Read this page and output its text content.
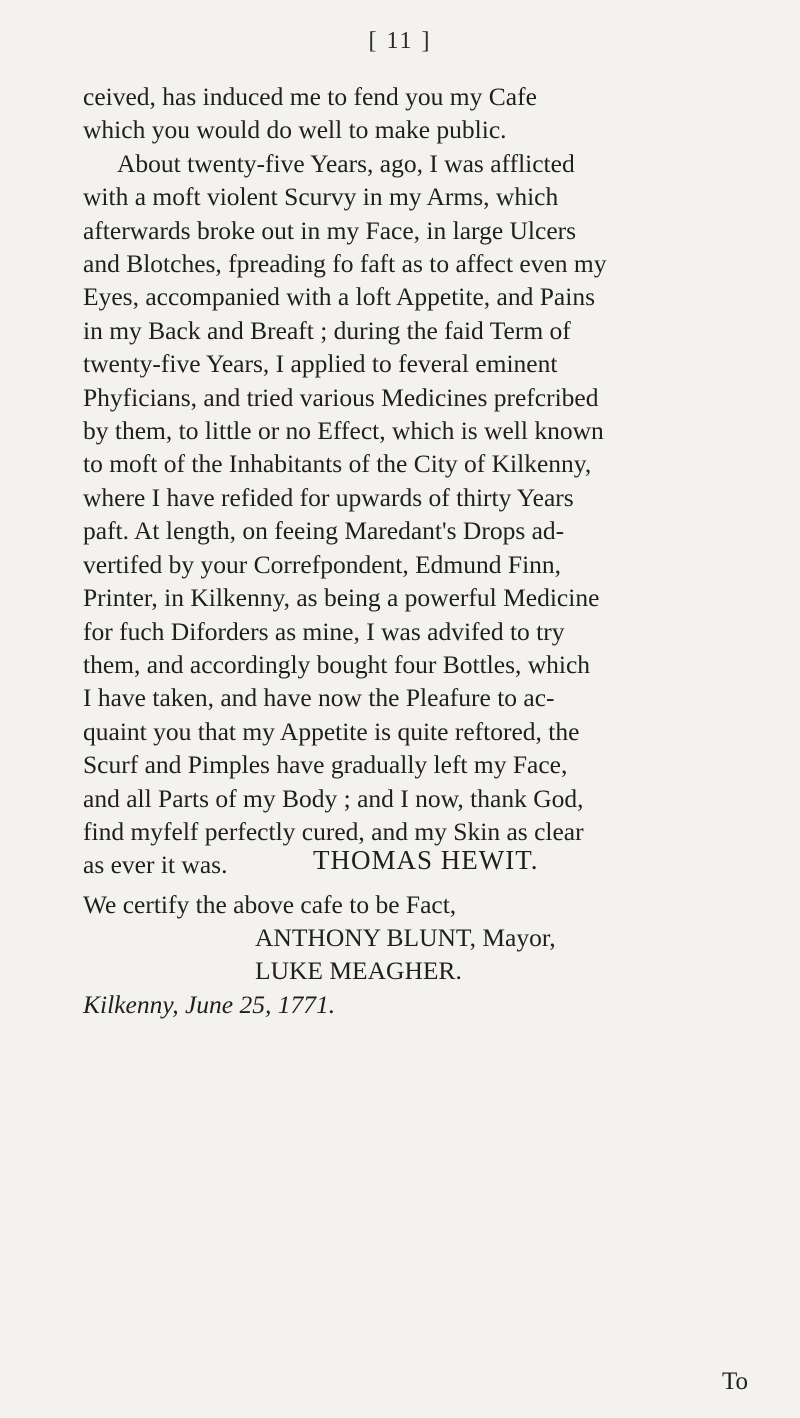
[ 11 ]
ceived, has induced me to fend you my Cafe
which you would do well to make public.
About twenty-five Years, ago, I was afflicted
with a moft violent Scurvy in my Arms, which
afterwards broke out in my Face, in large Ulcers
and Blotches, fpreading fo faft as to affect even my
Eyes, accompanied with a loft Appetite, and Pains
in my Back and Breaft ; during the faid Term of
twenty-five Years, I applied to feveral eminent
Phyficians, and tried various Medicines prefcribed
by them, to little or no Effect, which is well known
to moft of the Inhabitants of the City of Kilkenny,
where I have refided for upwards of thirty Years
paft. At length, on feeing Maredant's Drops ad-
vertifed by your Correfpondent, Edmund Finn,
Printer, in Kilkenny, as being a powerful Medicine
for fuch Diforders as mine, I was advifed to try
them, and accordingly bought four Bottles, which
I have taken, and have now the Pleafure to ac-
quaint you that my Appetite is quite reftored, the
Scurf and Pimples have gradually left my Face,
and all Parts of my Body ; and I now, thank God,
find myfelf perfectly cured, and my Skin as clear
as ever it was.	THOMAS HEWIT.
We certify the above cafe to be Fact,
ANTHONY BLUNT, Mayor,
LUKE MEAGHER.
Kilkenny, June 25, 1771.
To
